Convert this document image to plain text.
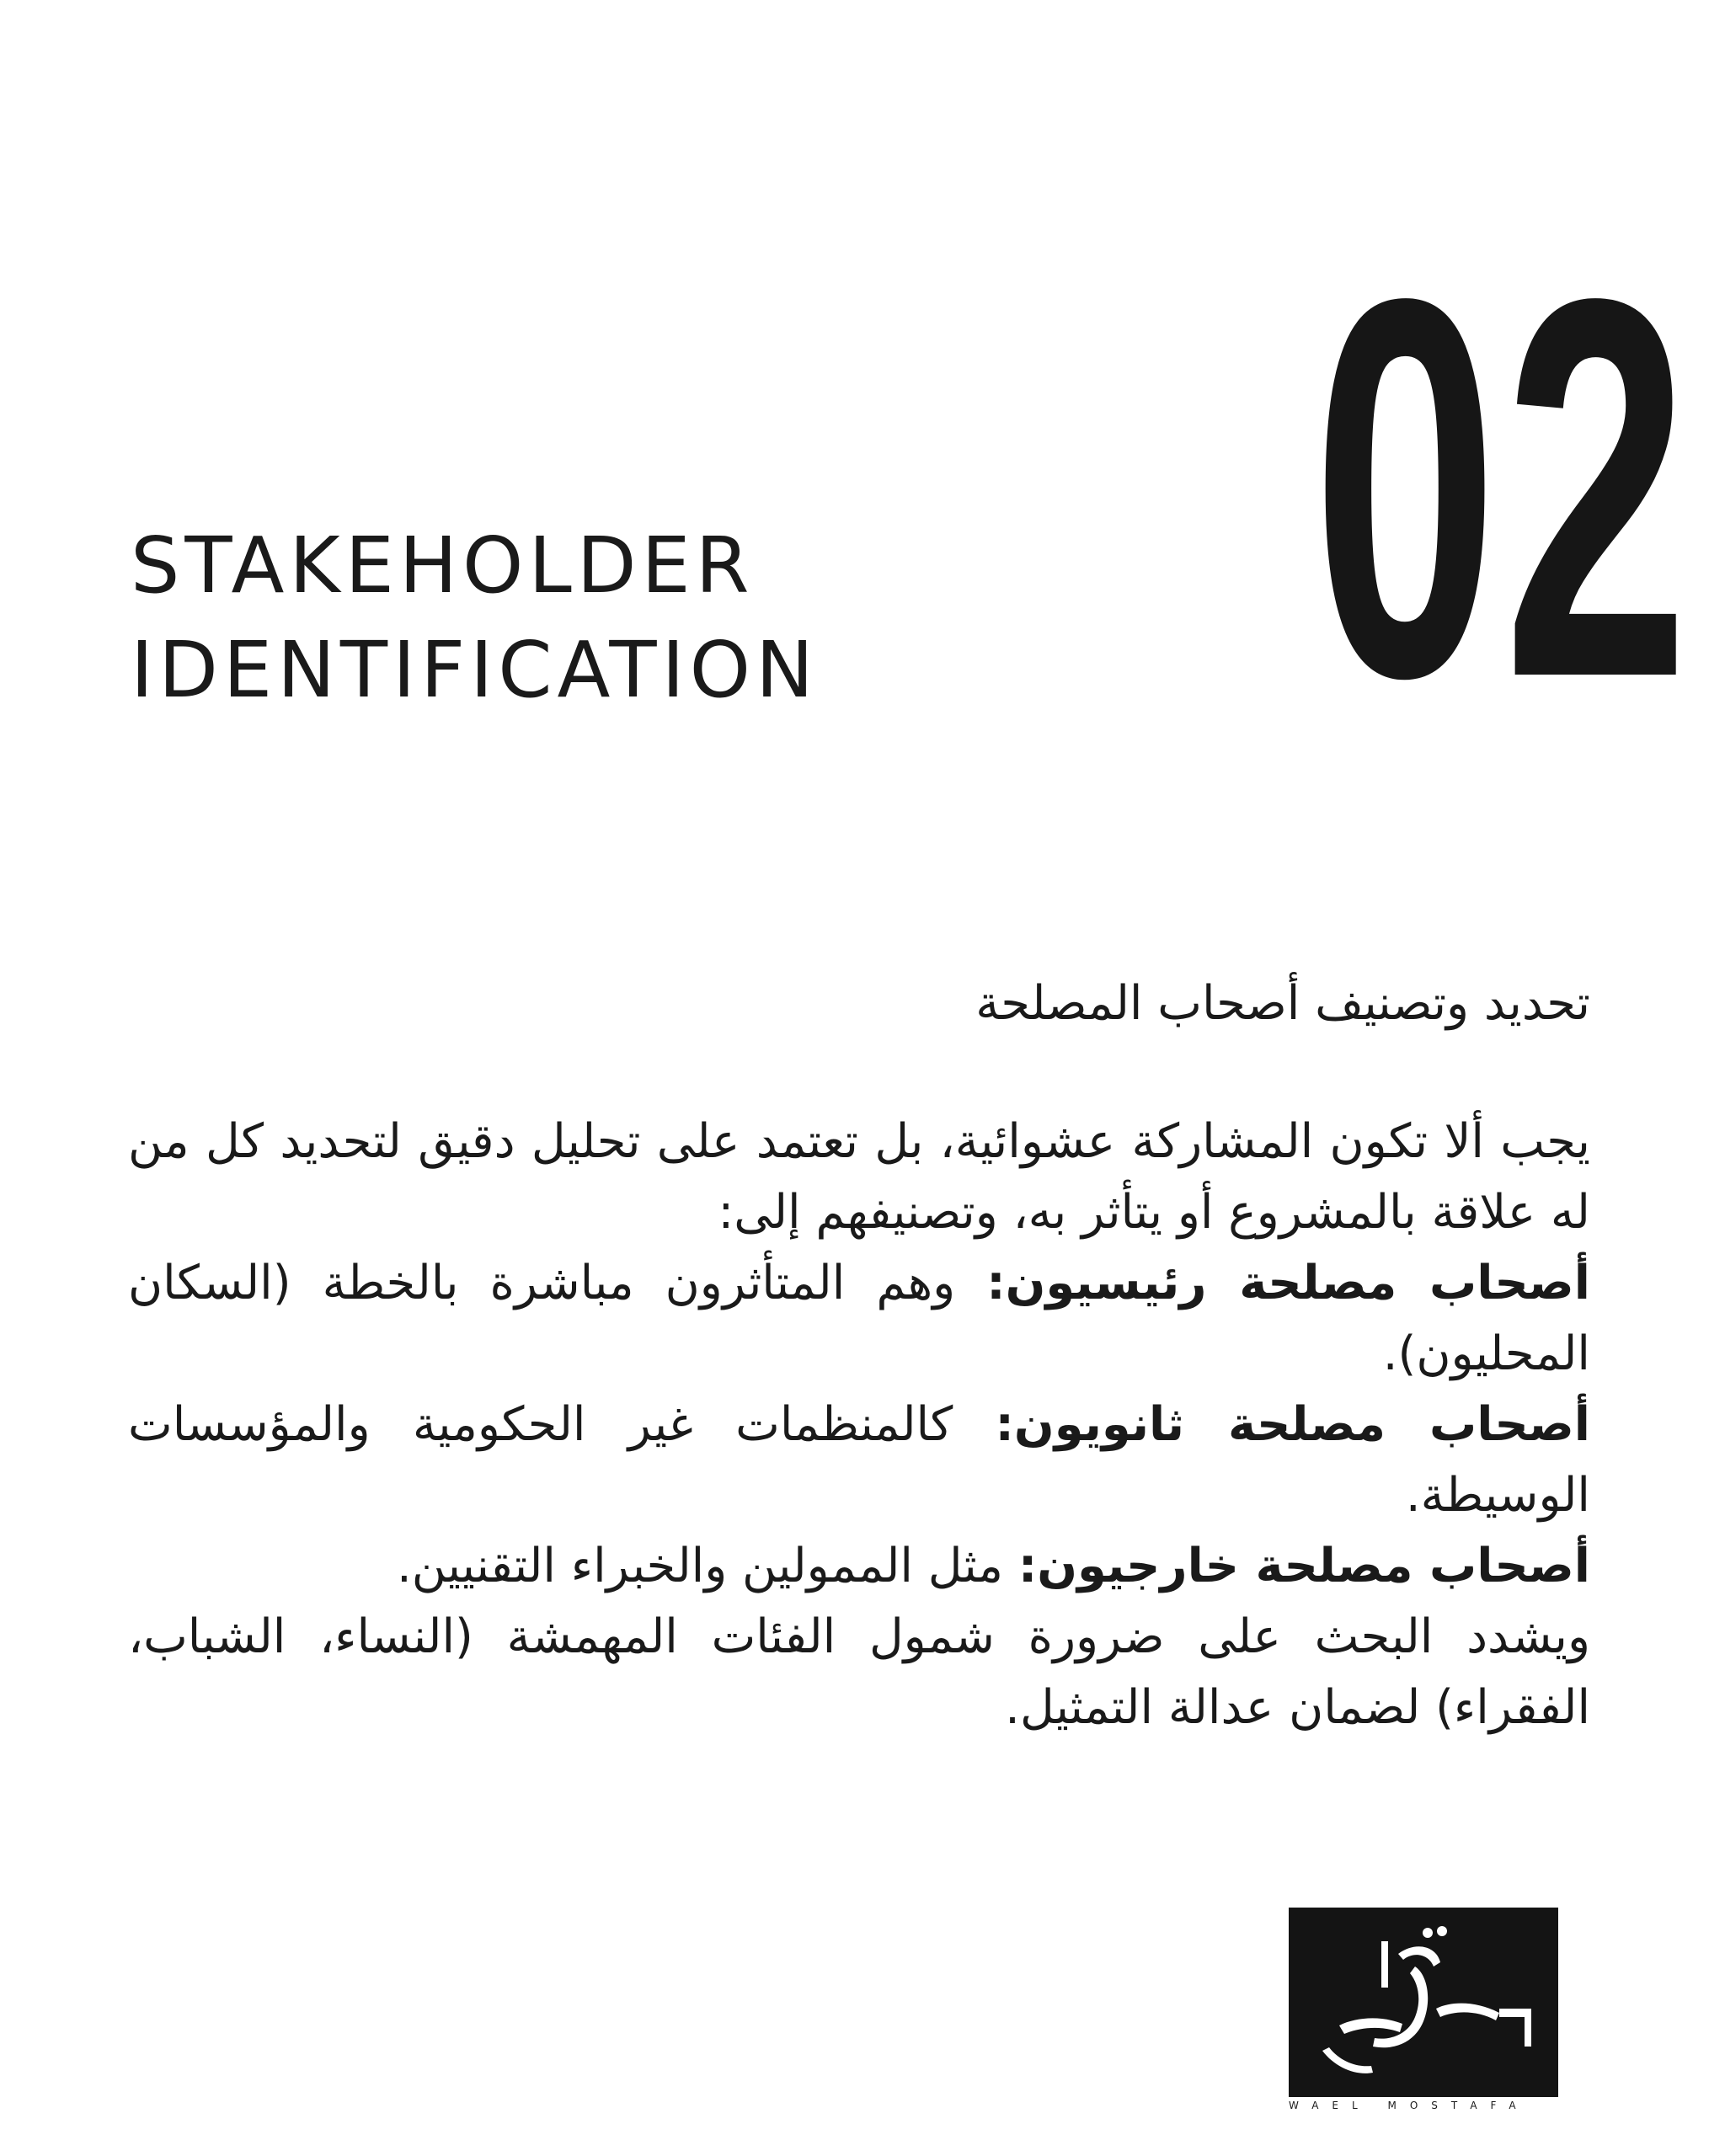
02
STAKEHOLDER
IDENTIFICATION
تحديد وتصنيف أصحاب المصلحة

يجب ألا تكون المشاركة عشوائية، بل تعتمد على تحليل دقيق لتحديد كل من له علاقة بالمشروع أو يتأثر به، وتصنيفهم إلى:

أصحاب مصلحة رئيسيون: وهم المتأثرون مباشرة بالخطة (السكان المحليون).

أصحاب مصلحة ثانويون: كالمنظمات غير الحكومية والمؤسسات الوسيطة.

أصحاب مصلحة خارجيون: مثل الممولين والخبراء التقنيين.

ويشدد البحث على ضرورة شمول الفئات المهمشة (النساء، الشباب، الفقراء) لضمان عدالة التمثيل.

WAEL MOSTAFA
